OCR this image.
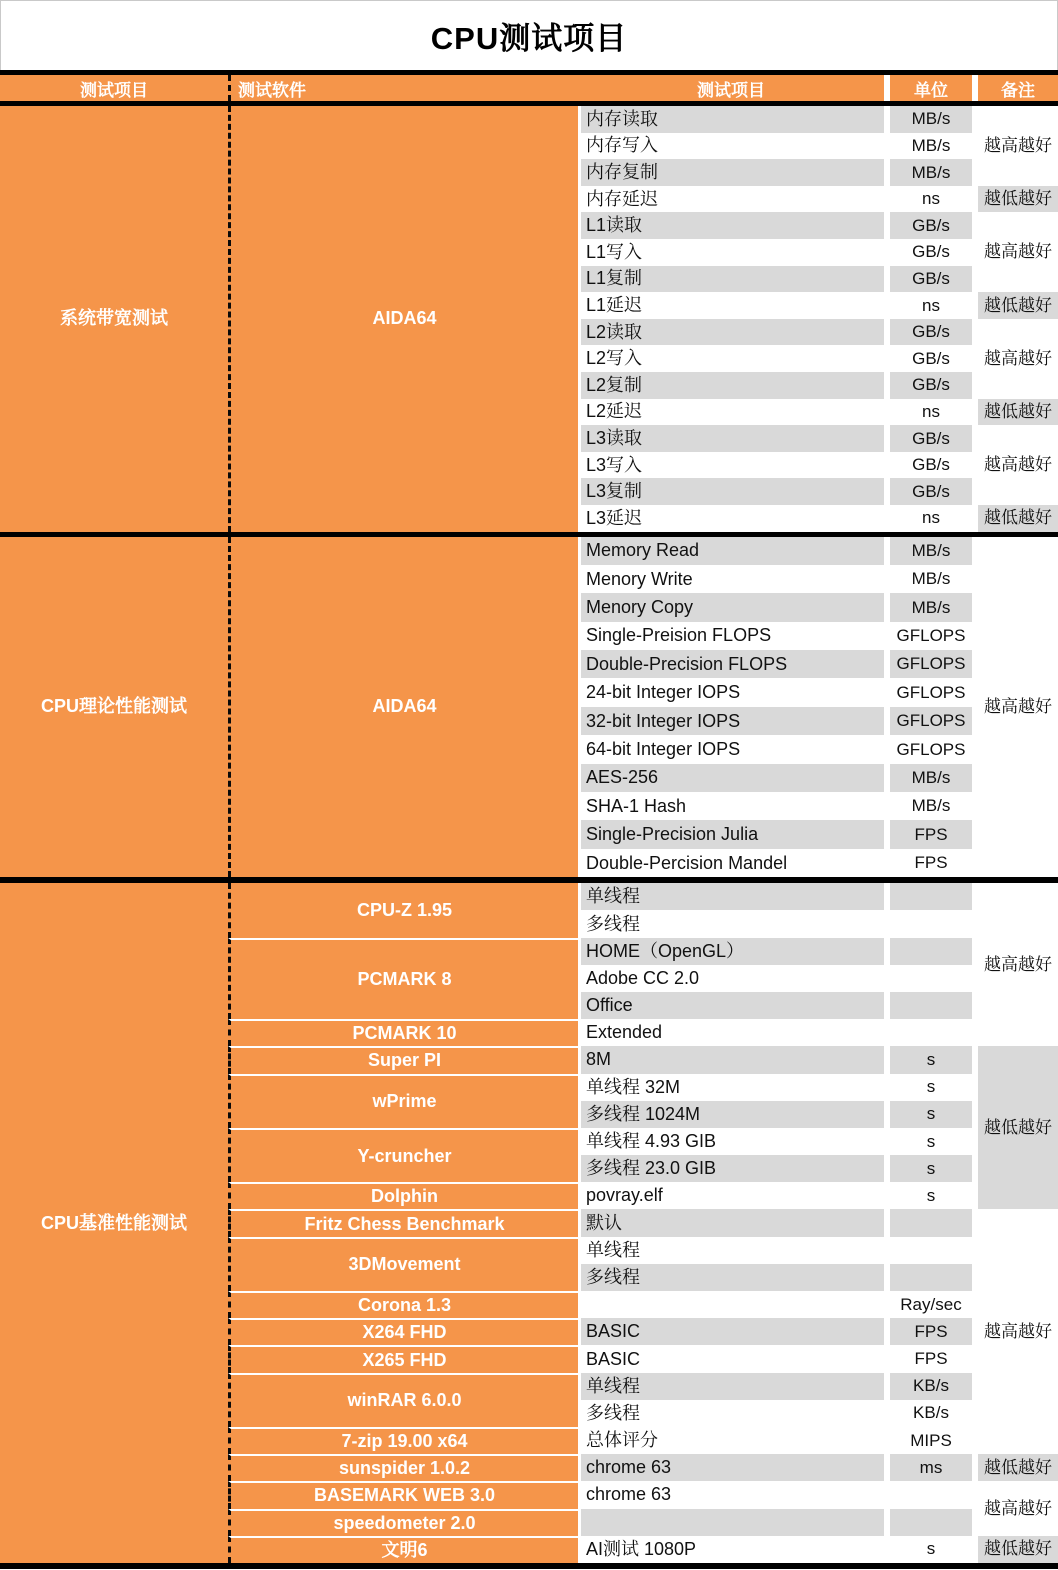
CPU测试项目
测试项目	测试软件	测试项目	单位	备注
系统带宽测试	AIDA64	内存读取		MB/s		越高越好
		内存写入		MB/s		
		内存复制		MB/s		
		内存延迟		ns		越低越好
		L1读取		GB/s		越高越好
		L1写入		GB/s		
		L1复制		GB/s		
		L1延迟		ns		越低越好
		L2读取		GB/s		越高越好
		L2写入		GB/s		
		L2复制		GB/s		
		L2延迟		ns		越低越好
		L3读取		GB/s		越高越好
		L3写入		GB/s		
		L3复制		GB/s		
		L3延迟		ns		越低越好
CPU理论性能测试	AIDA64	Memory Read		MB/s		越高越好
		Menory Write		MB/s		
		Menory Copy		MB/s		
		Single-Preision FLOPS		GFLOPS		
		Double-Precision FLOPS		GFLOPS		
		24-bit Integer IOPS		GFLOPS		
		32-bit Integer IOPS		GFLOPS		
		64-bit Integer IOPS		GFLOPS		
		AES-256		MB/s		
		SHA-1 Hash		MB/s		
		Single-Precision Julia		FPS		
		Double-Percision Mandel		FPS		
CPU基准性能测试	CPU-Z 1.95	单线程				越高越好
		多线程				
	PCMARK 8	HOME（OpenGL）				
		Adobe CC 2.0				
		Office				
	PCMARK 10	Extended				
	Super PI	8M		s		越低越好
	wPrime	单线程 32M		s		
		多线程 1024M		s		
	Y-cruncher	单线程 4.93 GIB		s		
		多线程 23.0 GIB		s		
	Dolphin	povray.elf		s		
	Fritz Chess Benchmark	默认				越高越好
	3DMovement	单线程				
		多线程				
	Corona 1.3			Ray/sec		
	X264 FHD	BASIC		FPS		
	X265 FHD	BASIC		FPS		
	winRAR 6.0.0	单线程		KB/s		
		多线程		KB/s		
	7-zip 19.00 x64	总体评分		MIPS		
	sunspider 1.0.2	chrome 63		ms		越低越好
	BASEMARK WEB 3.0	chrome 63				越高越好
	speedometer 2.0					
	文明6	AI测试 1080P		s		越低越好
